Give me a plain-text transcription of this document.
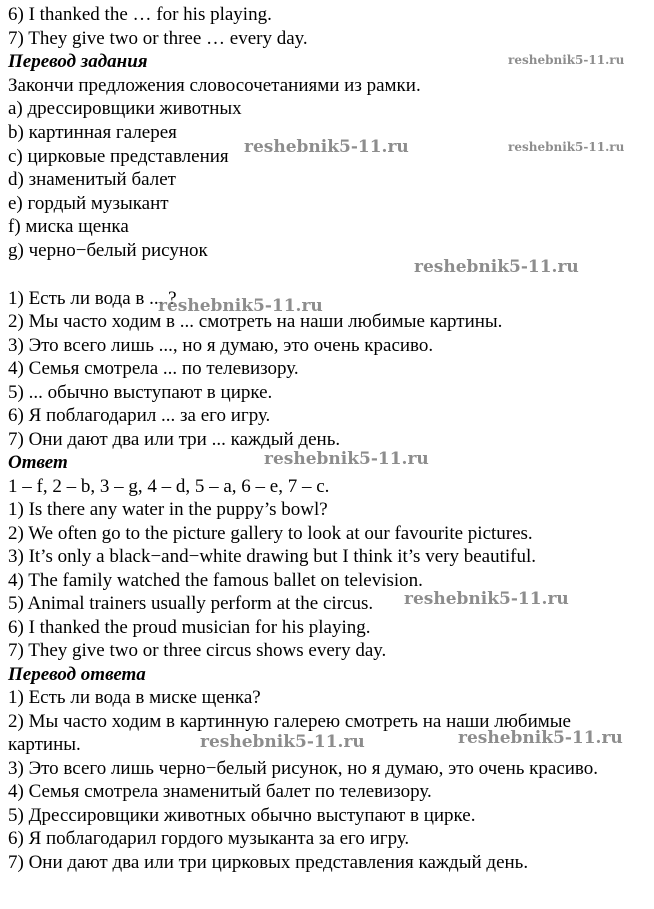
6) I thanked the … for his playing.
7) They give two or three … every day.
Перевод задания
Закончи предложения словосочетаниями из рамки.
a) дрессировщики животных
b) картинная галерея
c) цирковые представления
d) знаменитый балет
e) гордый музыкант
f) миска щенка
g) черно−белый рисунок
1) Есть ли вода в ... ?
2) Мы часто ходим в ... смотреть на наши любимые картины.
3) Это всего лишь ..., но я думаю, это очень красиво.
4) Семья смотрела ... по телевизору.
5) ... обычно выступают в цирке.
6) Я поблагодарил ... за его игру.
7) Они дают два или три ... каждый день.
Ответ
1 – f, 2 – b, 3 – g, 4 – d, 5 – a, 6 – e, 7 – c.
1) Is there any water in the puppy’s bowl?
2) We often go to the picture gallery to look at our favourite pictures.
3) It’s only a black−and−white drawing but I think it’s very beautiful.
4) The family watched the famous ballet on television.
5) Animal trainers usually perform at the circus.
6) I thanked the proud musician for his playing.
7) They give two or three circus shows every day.
Перевод ответа
1) Есть ли вода в миске щенка?
2) Мы часто ходим в картинную галерею смотреть на наши любимые
картины.
3) Это всего лишь черно−белый рисунок, но я думаю, это очень красиво.
4) Семья смотрела знаменитый балет по телевизору.
5) Дрессировщики животных обычно выступают в цирке.
6) Я поблагодарил гордого музыканта за его игру.
7) Они дают два или три цирковых представления каждый день.
reshebnik5-11.ru
reshebnik5-11.ru	reshebnik5-11.ru
reshebnik5-11.ru
reshebnik5-11.ru
reshebnik5-11.ru
reshebnik5-11.ru
reshebnik5-11.ru	reshebnik5-11.ru
